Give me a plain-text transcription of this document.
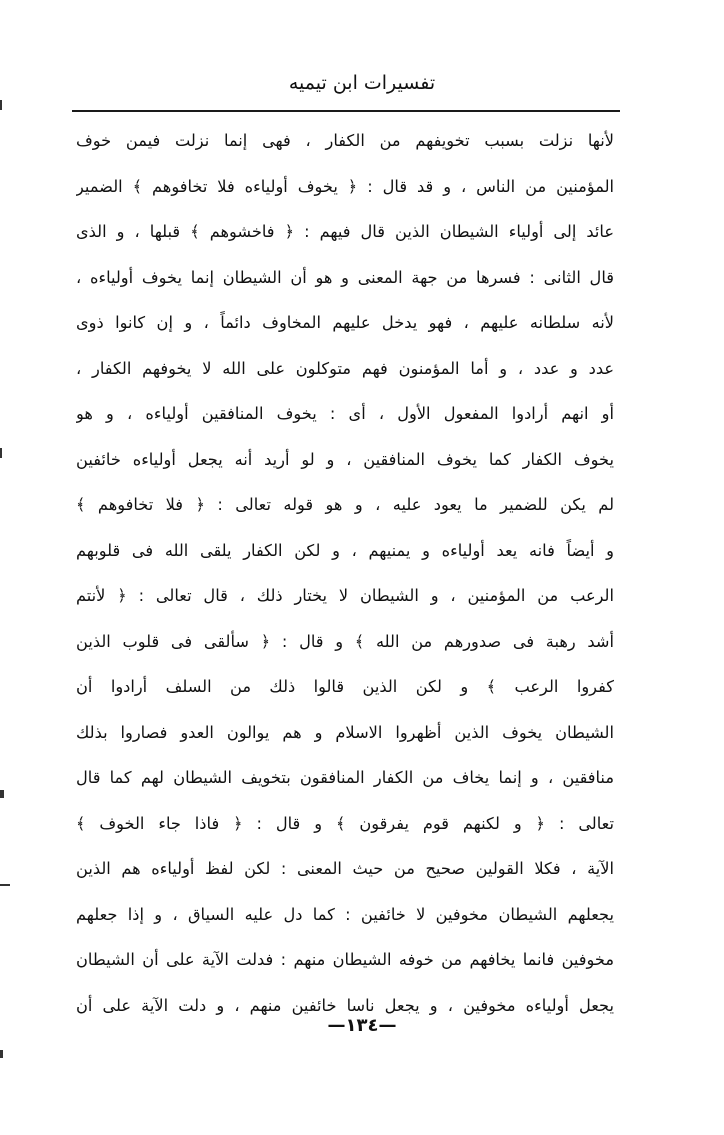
تفسيرات ابن تيميه
لأنها نزلت بسبب تخويفهم من الكفار ، فهى إنما نزلت فيمن خوف
المؤمنين من الناس ، و قد قال : ﴿ يخوف أولياءه فلا تخافوهم ﴾ الضمير
عائد إلى أولياء الشيطان الذين قال فيهم : ﴿ فاخشوهم ﴾ قبلها ، و الذى
قال الثانى : فسرها من جهة المعنى و هو أن الشيطان إنما يخوف أولياءه ،
لأنه سلطانه عليهم ، فهو يدخل عليهم المخاوف دائماً ، و إن كانوا ذوى
عدد و عدد ، و أما المؤمنون فهم متوكلون على الله لا يخوفهم الكفار ،
أو انهم أرادوا المفعول الأول ، أى : يخوف المنافقين أولياءه ، و هو
يخوف الكفار كما يخوف المنافقين ، و لو أريد أنه يجعل أولياءه خائفين
لم يكن للضمير ما يعود عليه ، و هو قوله تعالى : ﴿ فلا تخافوهم ﴾
و أيضاً فانه يعد أولياءه و يمنيهم ، و لكن الكفار يلقى الله فى قلوبهم
الرعب من المؤمنين ، و الشيطان لا يختار ذلك ، قال تعالى : ﴿ لأنتم
أشد رهبة فى صدورهم من الله ﴾ و قال : ﴿ سألقى فى قلوب الذين
كفروا الرعب ﴾ و لكن الذين قالوا ذلك من السلف أرادوا أن
الشيطان يخوف الذين أظهروا الاسلام و هم يوالون العدو فصاروا بذلك
منافقين ، و إنما يخاف من الكفار المنافقون بتخويف الشيطان لهم كما قال
تعالى : ﴿ و لكنهم قوم يفرقون ﴾ و قال : ﴿ فاذا جاء الخوف ﴾
الآية ، فكلا القولين صحيح من حيث المعنى : لكن لفظ أولياءه هم الذين
يجعلهم الشيطان مخوفين لا خائفين : كما دل عليه السياق ، و إذا جعلهم
مخوفين فانما يخافهم من خوفه الشيطان منهم : فدلت الآية على أن الشيطان
يجعل أولياءه مخوفين ، و يجعل ناسا خائفين منهم ، و دلت الآية على أن
—١٣٤—
